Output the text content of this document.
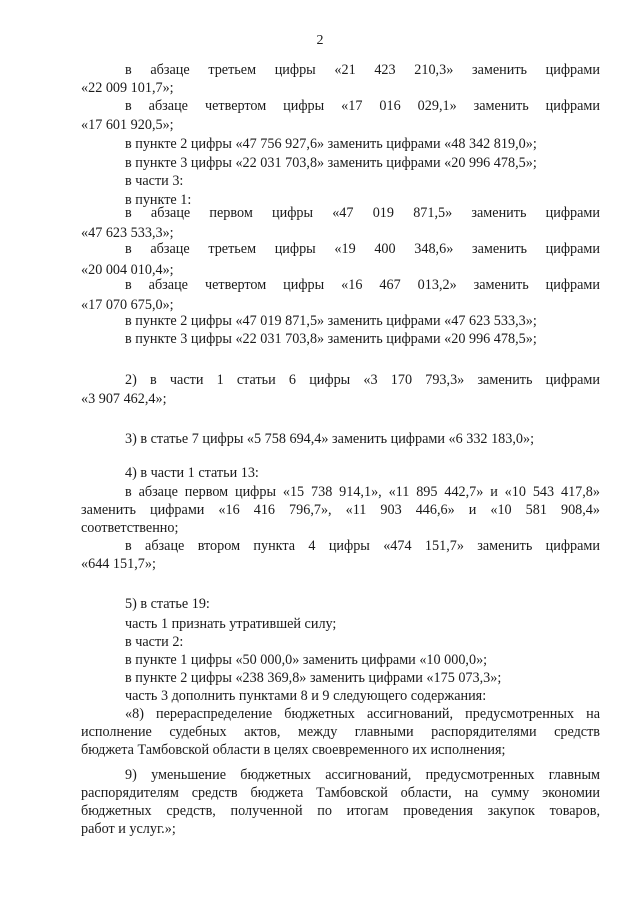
2
в абзаце третьем цифры «21 423 210,3» заменить цифрами
«22 009 101,7»;
в абзаце четвертом цифры «17 016 029,1» заменить цифрами
«17 601 920,5»;
в пункте 2 цифры «47 756 927,6» заменить цифрами «48 342 819,0»;
в пункте 3 цифры «22 031 703,8» заменить цифрами «20 996 478,5»;
в части 3:
в пункте 1:
в абзаце первом цифры «47 019 871,5» заменить цифрами
«47 623 533,3»;
в абзаце третьем цифры «19 400 348,6» заменить цифрами
«20 004 010,4»;
в абзаце четвертом цифры «16 467 013,2» заменить цифрами
«17 070 675,0»;
в пункте 2 цифры «47 019 871,5» заменить цифрами «47 623 533,3»;
в пункте 3 цифры «22 031 703,8» заменить цифрами «20 996 478,5»;
2) в части 1 статьи 6 цифры «3 170 793,3» заменить цифрами
«3 907 462,4»;
3) в статье 7 цифры «5 758 694,4» заменить цифрами «6 332 183,0»;
4) в части 1 статьи 13:
в абзаце первом цифры «15 738 914,1», «11 895 442,7» и «10 543 417,8»
заменить цифрами «16 416 796,7», «11 903 446,6» и «10 581 908,4»
соответственно;
в абзаце втором пункта 4 цифры «474 151,7» заменить цифрами
«644 151,7»;
5) в статье 19:
часть 1 признать утратившей силу;
в части 2:
в пункте 1 цифры «50 000,0» заменить цифрами «10 000,0»;
в пункте 2 цифры «238 369,8» заменить цифрами «175 073,3»;
часть 3 дополнить пунктами 8 и 9 следующего содержания:
«8) перераспределение бюджетных ассигнований, предусмотренных на
исполнение судебных актов, между главными распорядителями средств
бюджета Тамбовской области в целях своевременного их исполнения;
9) уменьшение бюджетных ассигнований, предусмотренных главным
распорядителям средств бюджета Тамбовской области, на сумму экономии
бюджетных средств, полученной по итогам проведения закупок товаров,
работ и услуг.»;
